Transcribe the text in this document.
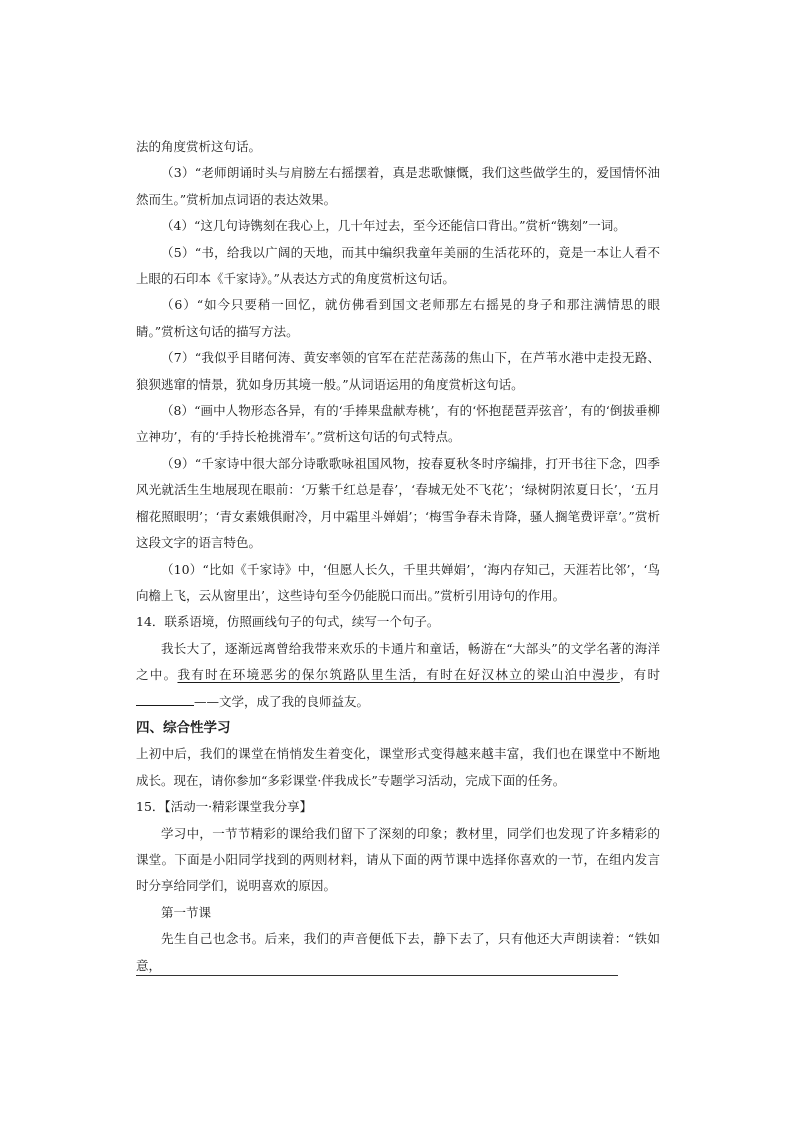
法的角度赏析这句话。

（3）“老师朗诵时头与肩膀左右摇摆着，真是悲歌慷慨，我们这些做学生的，爱国情怀油然而生。”赏析加点词语的表达效果。

（4）“这几句诗镌刻在我心上，几十年过去，至今还能信口背出。”赏析“镌刻”一词。

（5）“书，给我以广阔的天地，而其中编织我童年美丽的生活花环的，竟是一本让人看不上眼的石印本《千家诗》。”从表达方式的角度赏析这句话。

（6）“如今只要稍一回忆，就仿佛看到国文老师那左右摇晃的身子和那注满情思的眼睛。”赏析这句话的描写方法。

（7）“我似乎目睹何涛、黄安率领的官军在茫茫荡荡的焦山下，在芦苇水港中走投无路、狼狈逃窜的情景，犹如身历其境一般。”从词语运用的角度赏析这句话。

（8）“画中人物形态各异，有的‘手捧果盘献寿桃’，有的‘怀抱琵琶弄弦音’，有的‘倒拔垂柳立神功’，有的‘手持长枪挑滑车’。”赏析这句话的句式特点。

（9）“千家诗中很大部分诗歌歌咏祖国风物，按春夏秋冬时序编排，打开书往下念，四季风光就活生生地展现在眼前：‘万紫千红总是春’，‘春城无处不飞花’；‘绿树阴浓夏日长’，‘五月榴花照眼明’；‘青女素娥俱耐冷，月中霜里斗婵娟’；‘梅雪争春未肯降，骚人搁笔费评章’。”赏析这段文字的语言特色。

（10）“比如《千家诗》中，‘但愿人长久，千里共婵娟’，‘海内存知己，天涯若比邻’，‘鸟向檐上飞，云从窗里出’，这些诗句至今仍能脱口而出。”赏析引用诗句的作用。

14．联系语境，仿照画线句子的句式，续写一个句子。

我长大了，逐渐远离曾给我带来欢乐的卡通片和童话，畅游在“大部头”的文学名著的海洋之中。我有时在环境恶劣的保尔筑路队里生活，有时在好汉林立的梁山泊中漫步，有时——文学，成了我的良师益友。

四、综合性学习

上初中后，我们的课堂在悄悄发生着变化，课堂形式变得越来越丰富，我们也在课堂中不断地成长。现在，请你参加“多彩课堂·伴我成长”专题学习活动，完成下面的任务。

15．【活动一·精彩课堂我分享】

学习中，一节节精彩的课给我们留下了深刻的印象；教材里，同学们也发现了许多精彩的课堂。下面是小阳同学找到的两则材料，请从下面的两节课中选择你喜欢的一节，在组内发言时分享给同学们，说明喜欢的原因。

第一节课

先生自己也念书。后来，我们的声音便低下去，静下去了，只有他还大声朗读着：“铁如意，
